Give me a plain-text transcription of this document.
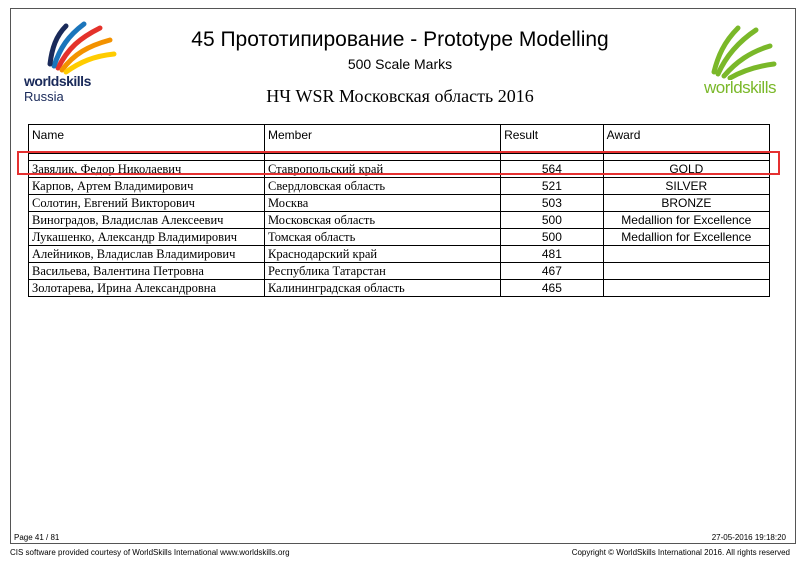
worldskills
Russia	worldskills
45 Прототипирование - Prototype Modelling
500 Scale Marks
НЧ WSR Московская область 2016
Name	Member	Result	Award

Завялик, Федор Николаевич	Ставропольский край	564	GOLD
Карпов, Артем Владимирович	Свердловская область	521	SILVER
Солотин, Евгений Викторович	Москва	503	BRONZE
Виноградов, Владислав Алексеевич	Московская область	500	Medallion for Excellence
Лукашенко, Александр Владимирович	Томская область	500	Medallion for Excellence
Алейников, Владислав Владимирович	Краснодарский край	481	
Васильева, Валентина Петровна	Республика Татарстан	467	
Золотарева, Ирина Александровна	Калининградская область	465	
Page 41 / 81	27-05-2016 19:18:20
CIS software provided courtesy of WorldSkills International www.worldskills.org	Copyright © WorldSkills International 2016. All rights reserved
